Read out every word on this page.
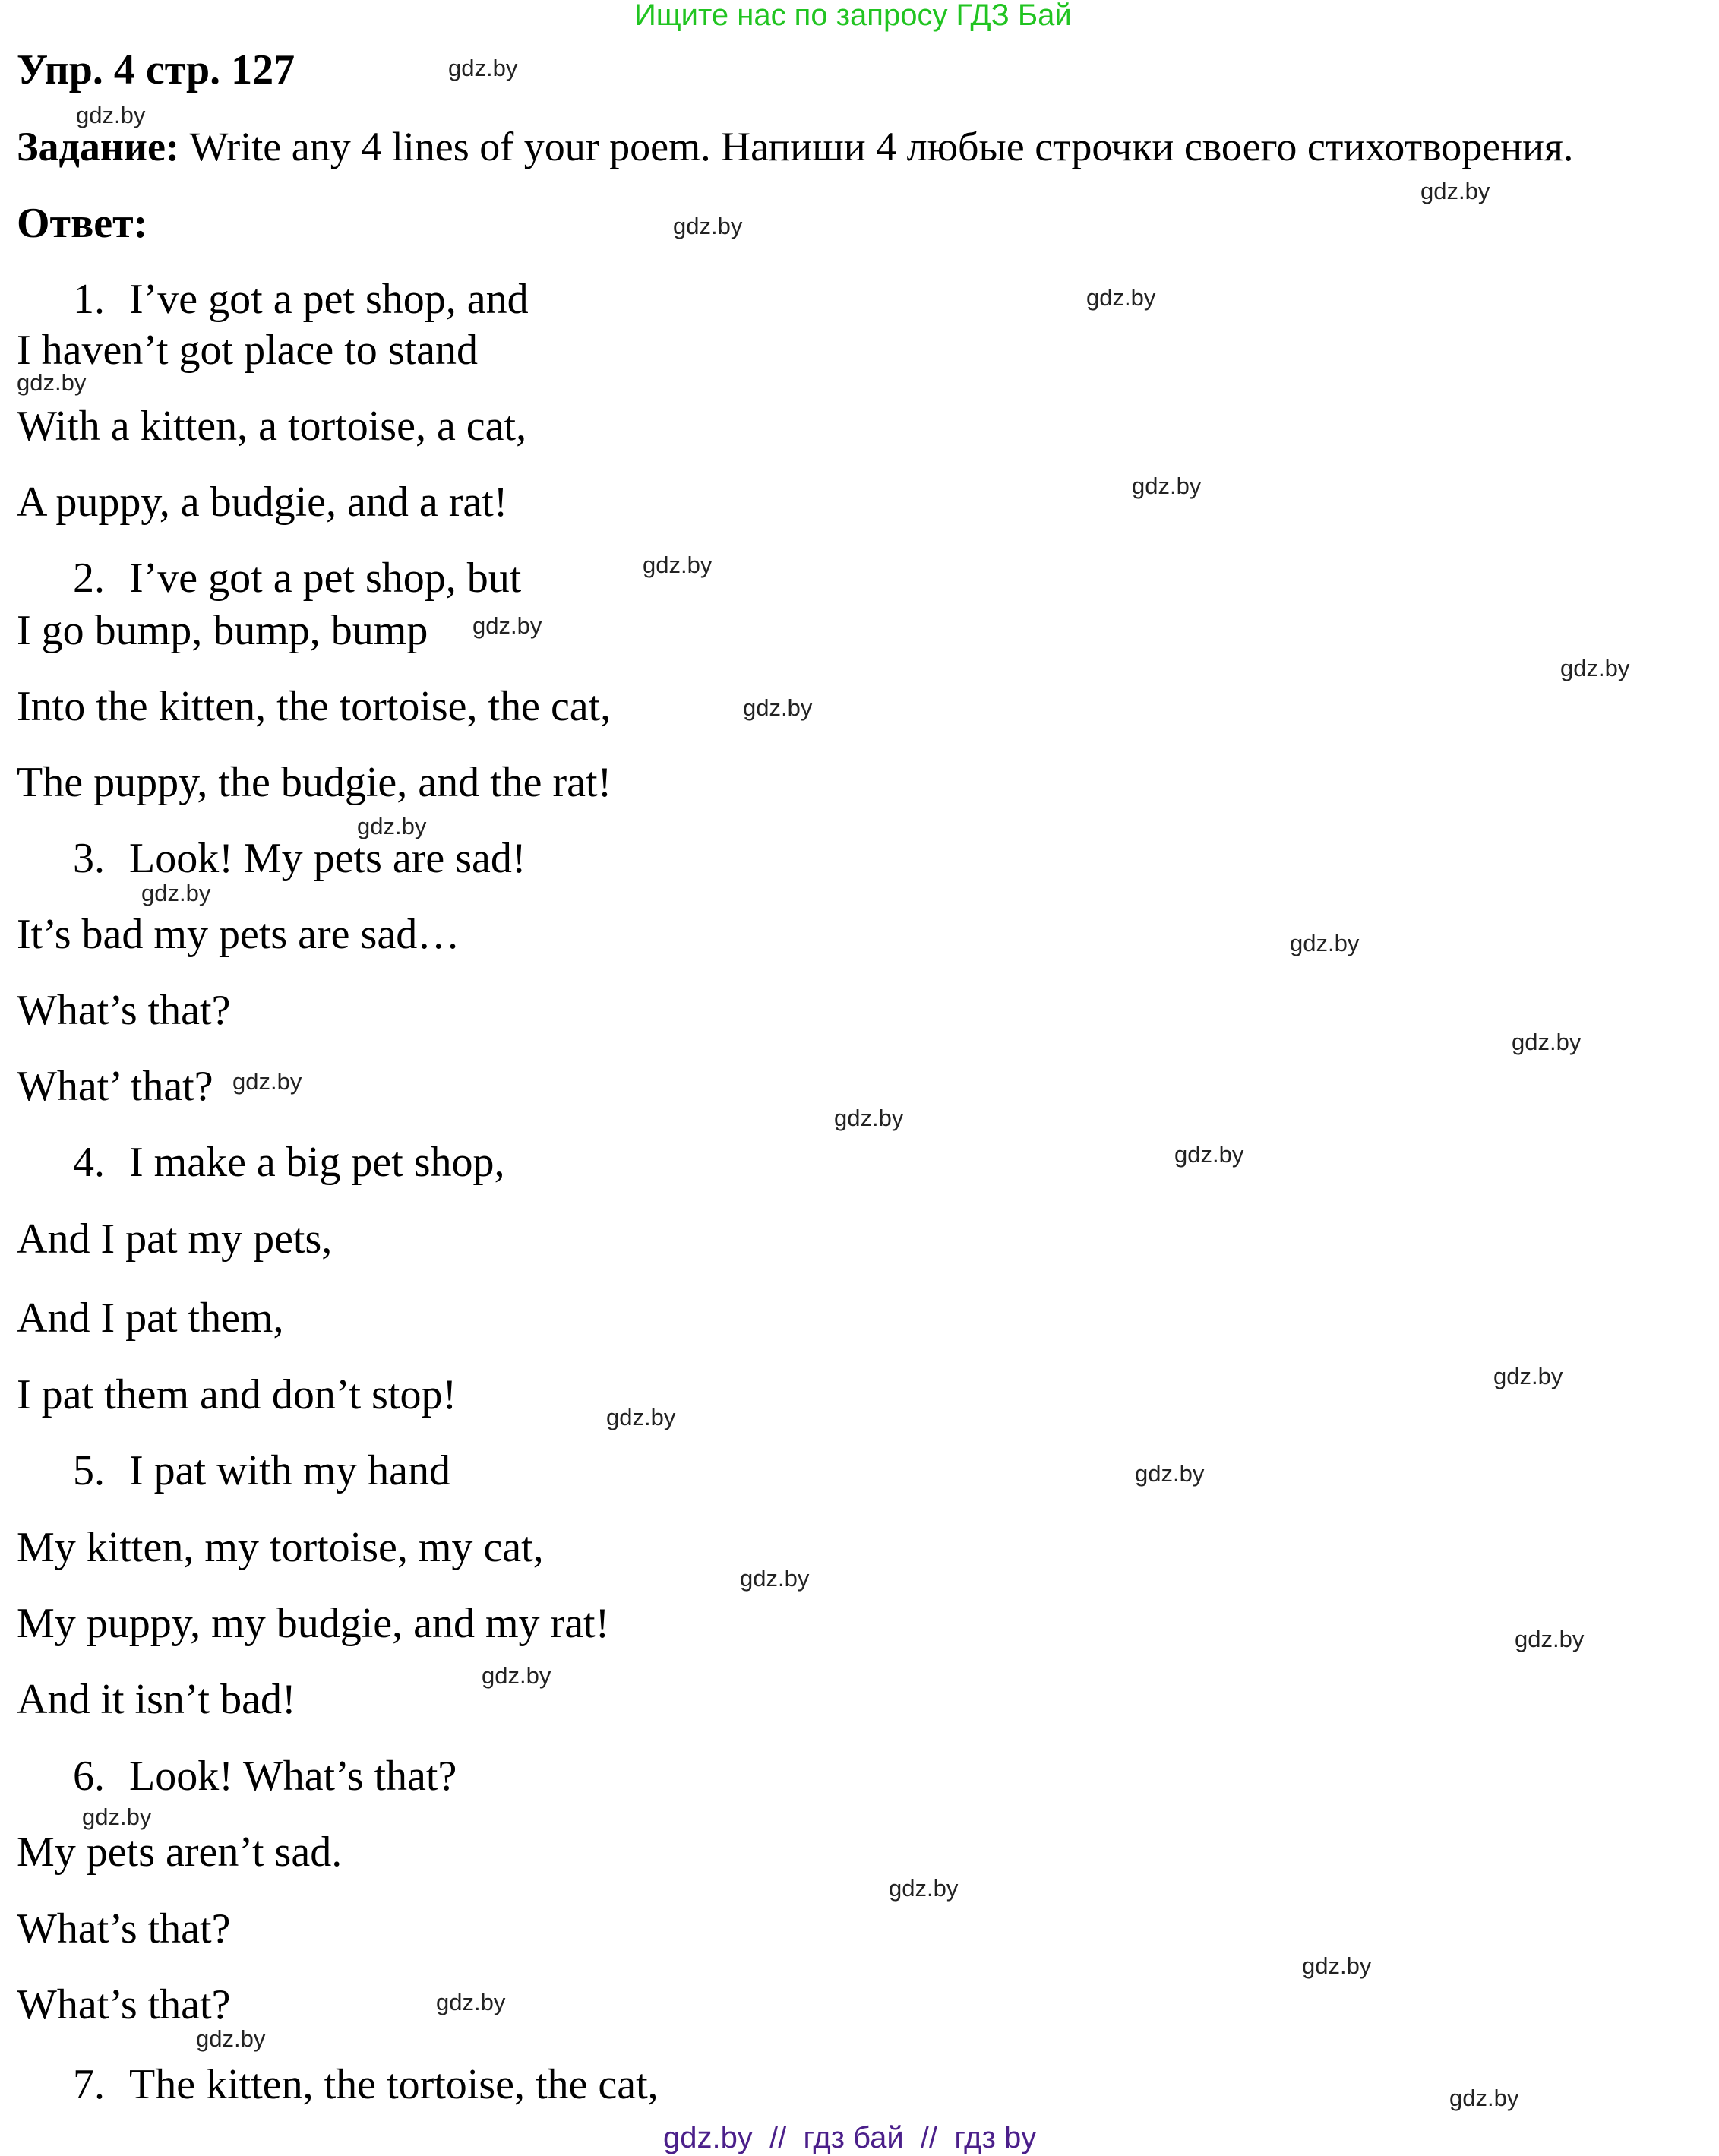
Ищите нас по запросу ГДЗ Бай
Упр. 4 стр. 127
Задание: Write any 4 lines of your poem. Напиши 4 любые строчки своего стихотворения.
Ответ:
1. I’ve got a pet shop, and
I haven’t got place to stand
With a kitten, a tortoise, a cat,
A puppy, a budgie, and a rat!
2. I’ve got a pet shop, but
I go bump, bump, bump
Into the kitten, the tortoise, the cat,
The puppy, the budgie, and the rat!
3. Look! My pets are sad!
It’s bad my pets are sad…
What’s that?
What’ that?
4. I make a big pet shop,
And I pat my pets,
And I pat them,
I pat them and don’t stop!
5. I pat with my hand
My kitten, my tortoise, my cat,
My puppy, my budgie, and my rat!
And it isn’t bad!
6. Look! What’s that?
My pets aren’t sad.
What’s that?
What’s that?
7. The kitten, the tortoise, the cat,
gdz.by
gdz.by
gdz.by
gdz.by
gdz.by
gdz.by
gdz.by
gdz.by
gdz.by
gdz.by
gdz.by
gdz.by
gdz.by
gdz.by
gdz.by
gdz.by
gdz.by
gdz.by
gdz.by
gdz.by
gdz.by
gdz.by
gdz.by
gdz.by
gdz.by
gdz.by
gdz.by
gdz.by
gdz.by
gdz.by
gdz.by  //  гдз бай  //  гдз by
